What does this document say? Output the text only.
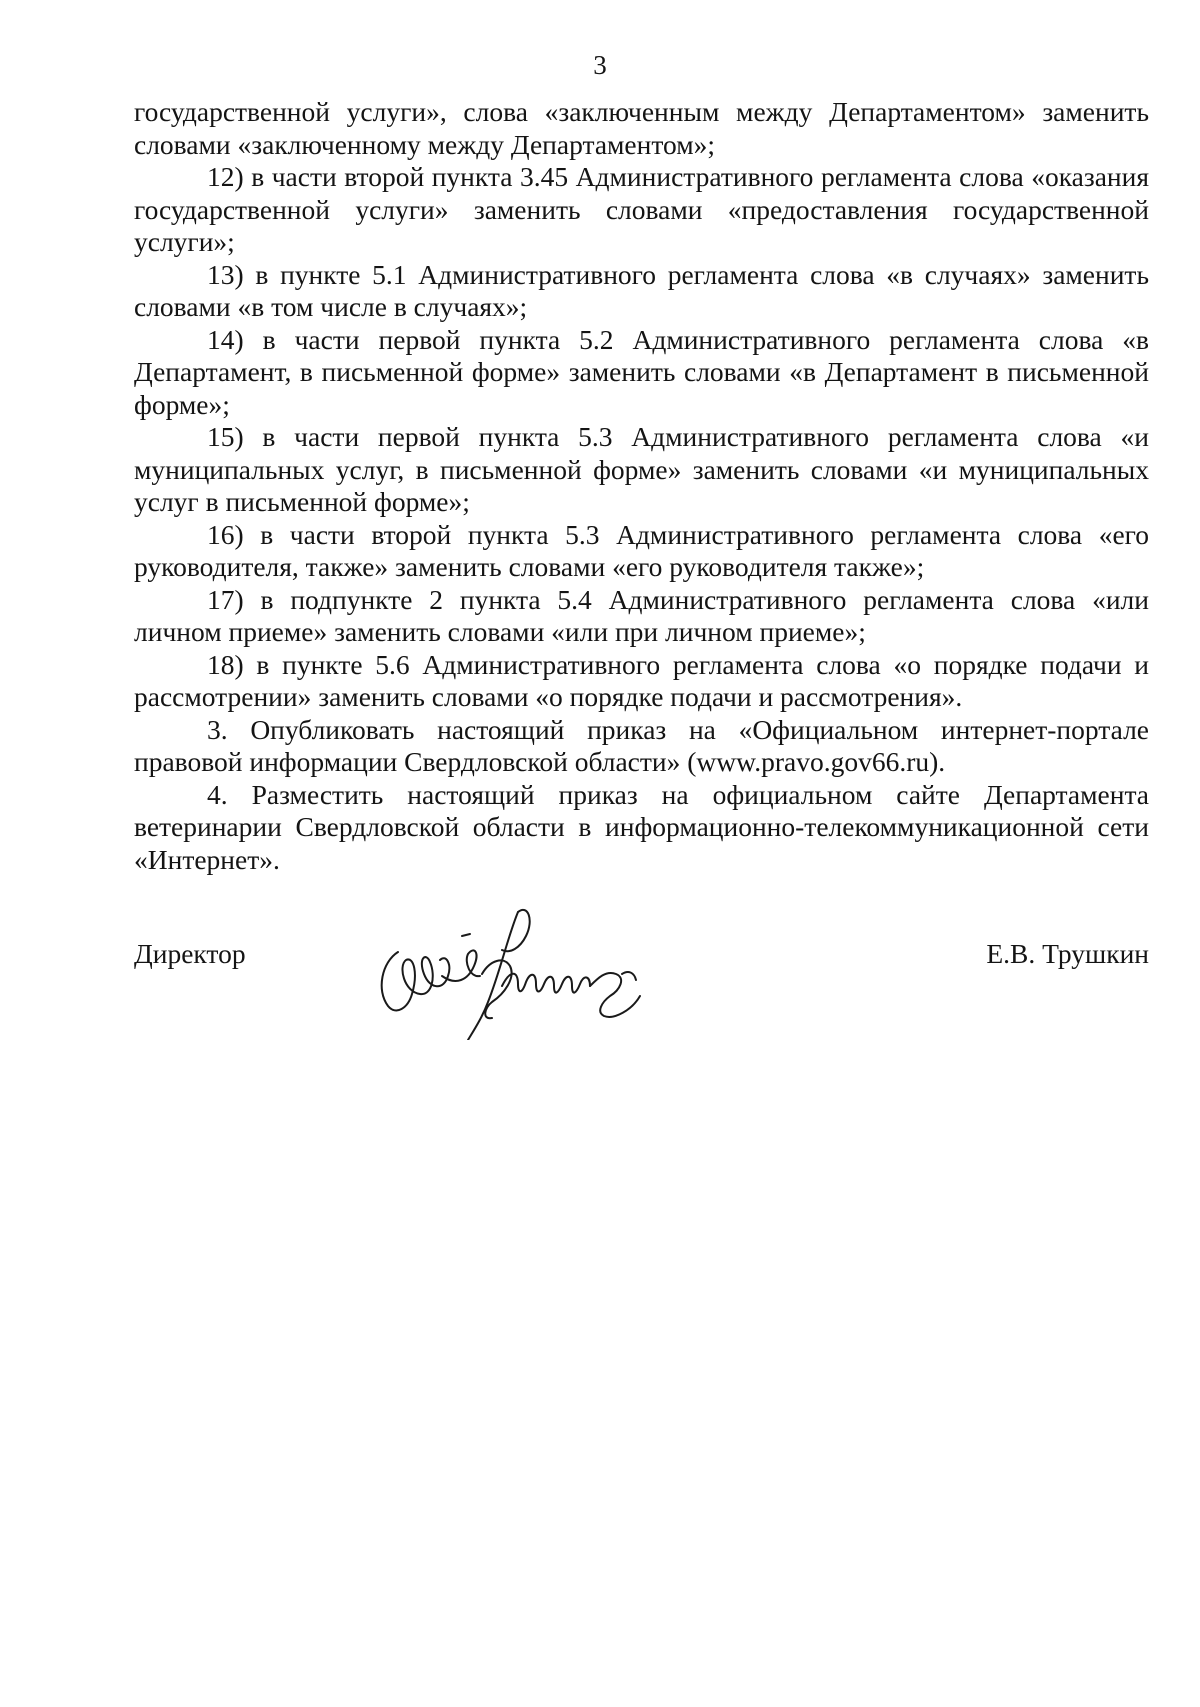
3

государственной услуги», слова «заключенным между Департаментом» заменить словами «заключенному между Департаментом»;

12) в части второй пункта 3.45 Административного регламента слова «оказания государственной услуги» заменить словами «предоставления государственной услуги»;

13) в пункте 5.1 Административного регламента слова «в случаях» заменить словами «в том числе в случаях»;

14) в части первой пункта 5.2 Административного регламента слова «в Департамент, в письменной форме» заменить словами «в Департамент в письменной форме»;

15) в части первой пункта 5.3 Административного регламента слова «и муниципальных услуг, в письменной форме» заменить словами «и муниципальных услуг в письменной форме»;

16) в части второй пункта 5.3 Административного регламента слова «его руководителя, также» заменить словами «его руководителя также»;

17) в подпункте 2 пункта 5.4 Административного регламента слова «или личном приеме» заменить словами «или при личном приеме»;

18) в пункте 5.6 Административного регламента слова «о порядке подачи и рассмотрении» заменить словами «о порядке подачи и рассмотрения».

3. Опубликовать настоящий приказ на «Официальном интернет-портале правовой информации Свердловской области» (www.pravo.gov66.ru).

4. Разместить настоящий приказ на официальном сайте Департамента ветеринарии Свердловской области в информационно-телекоммуникационной сети «Интернет».

Директор	Е.В. Трушкин
